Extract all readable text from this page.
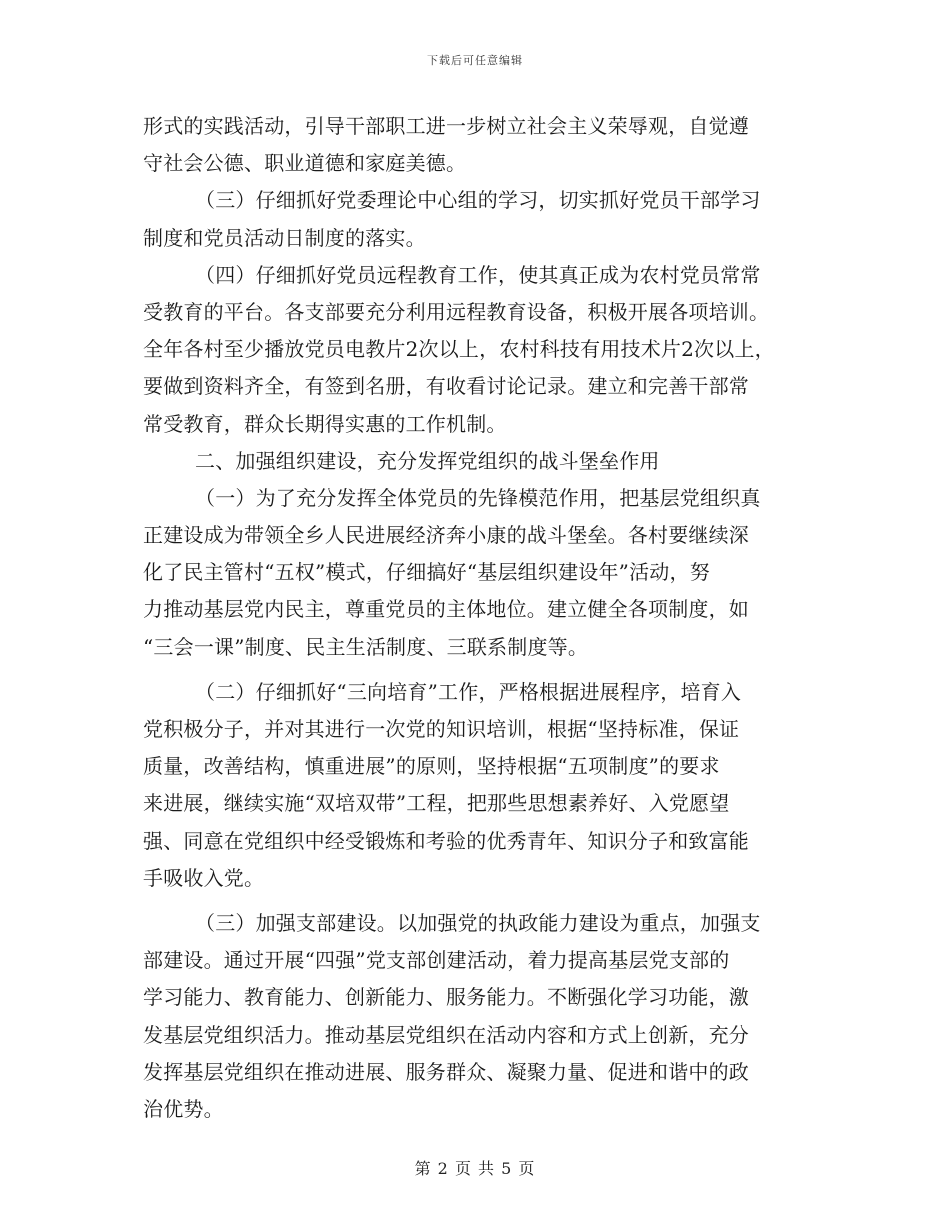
下载后可任意编辑
形式的实践活动，引导干部职工进一步树立社会主义荣辱观，自觉遵
守社会公德、职业道德和家庭美德。
（三）仔细抓好党委理论中心组的学习，切实抓好党员干部学习
制度和党员活动日制度的落实。
（四）仔细抓好党员远程教育工作，使其真正成为农村党员常常
受教育的平台。各支部要充分利用远程教育设备，积极开展各项培训。
全年各村至少播放党员电教片2次以上，农村科技有用技术片2次以上，
要做到资料齐全，有签到名册，有收看讨论记录。建立和完善干部常
常受教育，群众长期得实惠的工作机制。
二、加强组织建设，充分发挥党组织的战斗堡垒作用
（一）为了充分发挥全体党员的先锋模范作用，把基层党组织真
正建设成为带领全乡人民进展经济奔小康的战斗堡垒。各村要继续深
化了民主管村“五权”模式，仔细搞好“基层组织建设年”活动，努
力推动基层党内民主，尊重党员的主体地位。建立健全各项制度，如
“三会一课”制度、民主生活制度、三联系制度等。
（二）仔细抓好“三向培育”工作，严格根据进展程序，培育入
党积极分子，并对其进行一次党的知识培训，根据“坚持标准，保证
质量，改善结构，慎重进展”的原则，坚持根据“五项制度”的要求
来进展，继续实施“双培双带”工程，把那些思想素养好、入党愿望
强、同意在党组织中经受锻炼和考验的优秀青年、知识分子和致富能
手吸收入党。
（三）加强支部建设。以加强党的执政能力建设为重点，加强支
部建设。通过开展“四强”党支部创建活动，着力提高基层党支部的
学习能力、教育能力、创新能力、服务能力。不断强化学习功能，激
发基层党组织活力。推动基层党组织在活动内容和方式上创新，充分
发挥基层党组织在推动进展、服务群众、凝聚力量、促进和谐中的政
治优势。
第 2 页 共 5 页
